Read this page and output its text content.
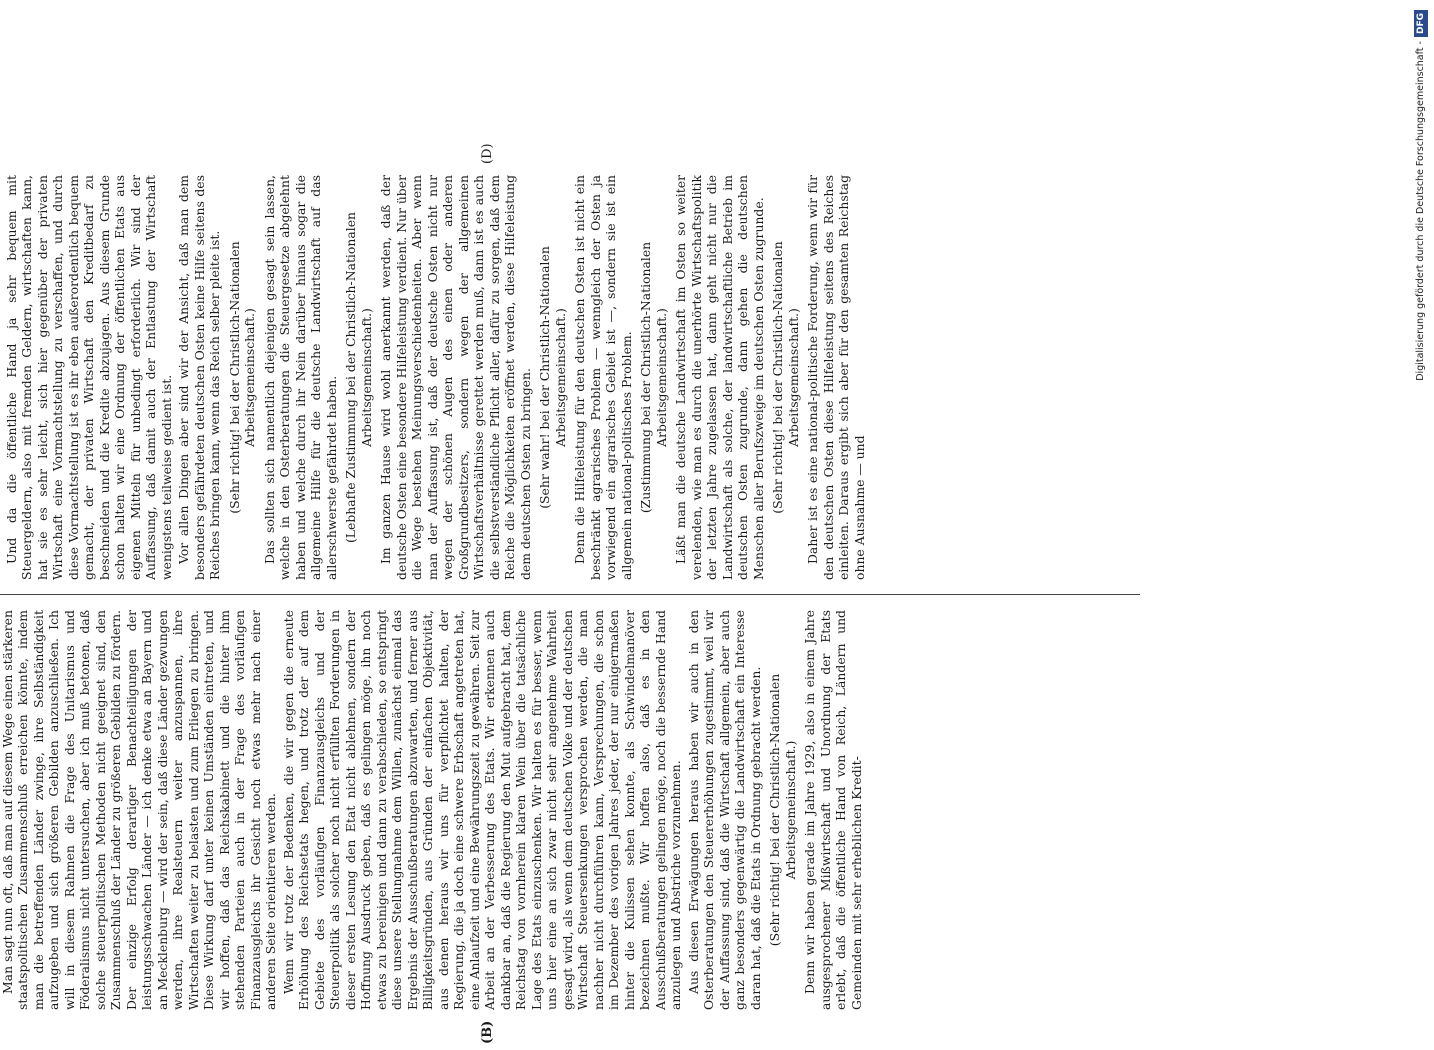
(B)
(D)

Man sagt nun oft, daß man auf diesem Wege einen stärkeren staatspolitischen Zusammenschluß erreichen könnte, indem man die betreffenden Länder zwinge, ihre Selbständigkeit aufzugeben und sich größeren Gebilden anzuschließen. Ich will in diesem Rahmen die Frage des Unitarismus und Föderalismus nicht untersuchen, aber ich muß betonen, daß solche steuerpolitischen Methoden nicht geeignet sind, den Zusammenschluß der Länder zu größeren Gebilden zu fördern. Der einzige Erfolg derartiger Benachteiligungen der leistungsschwachen Länder — ich denke etwa an Bayern und an Mecklenburg — wird der sein, daß diese Länder gezwungen werden, ihre Realsteuern weiter anzuspannen, ihre Wirtschaften weiter zu belasten und zum Erliegen zu bringen. Diese Wirkung darf unter keinen Umständen eintreten, und wir hoffen, daß das Reichskabinett und die hinter ihm stehenden Parteien auch in der Frage des vorläufigen Finanzausgleichs ihr Gesicht noch etwas mehr nach einer anderen Seite orientieren werden. Wenn wir trotz der Bedenken, die wir gegen die erneute Erhöhung des Reichsetats hegen, und trotz der auf dem Gebiete des vorläufigen Finanzausgleichs und der Steuerpolitik als solcher noch nicht erfüllten Forderungen in dieser ersten Lesung den Etat nicht ablehnen, sondern der Hoffnung Ausdruck geben, daß es gelingen möge, ihn noch etwas zu bereinigen und dann zu verabschieden, so entspringt diese unsere Stellungnahme dem Willen, zunächst einmal das Ergebnis der Ausschußberatungen abzuwarten, und ferner aus Billigkeitsgründen, aus Gründen der einfachen Objektivität, aus denen heraus wir uns für verpflichtet halten, der Regierung, die ja doch eine schwere Erbschaft angetreten hat, eine Anlaufzeit und eine Bewährungszeit zu gewähren. Seit zur Arbeit an der Verbesserung des Etats. Wir erkennen auch dankbar an, daß die Regierung den Mut aufgebracht hat, dem Reichstag von vornherein klaren Wein über die tatsächliche Lage des Etats einzuschenken. Wir halten es für besser, wenn uns hier eine an sich zwar nicht sehr angenehme Wahrheit gesagt wird, als wenn dem deutschen Volke und der deutschen Wirtschaft Steuersenkungen versprochen werden, die man nachher nicht durchführen kann, Versprechungen, die schon im Dezember des vorigen Jahres jeder, der nur einigermaßen hinter die Kulissen sehen konnte, als Schwindelmanöver bezeichnen mußte. Wir hoffen also, daß es in den Ausschußberatungen gelingen möge, noch die bessernde Hand anzulegen und Abstriche vorzunehmen. Aus diesen Erwägungen heraus haben wir auch in den Osterberatungen den Steuererhöhungen zugestimmt, weil wir der Auffassung sind, daß die Wirtschaft allgemein, aber auch ganz besonders gegenwärtig die Landwirtschaft ein Interesse daran hat, daß die Etats in Ordnung gebracht werden. (Sehr richtig! bei der Christlich-Nationalen Arbeitsgemeinschaft.) Denn wir haben gerade im Jahre 1929, also in einem Jahre ausgesprochener Mißwirtschaft und Unordnung der Etats erlebt, daß die öffentliche Hand von Reich, Ländern und Gemeinden mit sehr erheblichen Kredit-

Und da die öffentliche Hand ja sehr bequem mit Steuergeldern, also mit fremden Geldern, wirtschaften kann, hat sie es sehr leicht, sich hier gegenüber der privaten Wirtschaft eine Vormachtstellung zu verschaffen, und durch diese Vormachtstellung ist es ihr eben außerordentlich bequem gemacht, der privaten Wirtschaft den Kreditbedarf zu beschneiden und die Kredite abzujagen. Aus diesem Grunde schon halten wir eine Ordnung der öffentlichen Etats aus eigenen Mitteln für unbedingt erforderlich. Wir sind der Auffassung, daß damit auch der Entlastung der Wirtschaft wenigstens teilweise gedient ist. Vor allen Dingen aber sind wir der Ansicht, daß man dem besonders gefährdeten deutschen Osten keine Hilfe seitens des Reiches bringen kann, wenn das Reich selber pleite ist. (Sehr richtig! bei der Christlich-Nationalen Arbeitsgemeinschaft.) Das sollten sich namentlich diejenigen gesagt sein lassen, welche in den Osterberatungen die Steuergesetze abgelehnt haben und welche durch ihr Nein darüber hinaus sogar die allgemeine Hilfe für die deutsche Landwirtschaft auf das allerschwerste gefährdet haben. (Lebhafte Zustimmung bei der Christlich-Nationalen Arbeitsgemeinschaft.) Im ganzen Hause wird wohl anerkannt werden, daß der deutsche Osten eine besondere Hilfeleistung verdient. Nur über die Wege bestehen Meinungsverschiedenheiten. Aber wenn man der Auffassung ist, daß der deutsche Osten nicht nur wegen der schönen Augen des einen oder anderen Großgrundbesitzers, sondern wegen der allgemeinen Wirtschaftsverhältnisse gerettet werden muß, dann ist es auch die selbstverständliche Pflicht aller, dafür zu sorgen, daß dem Reiche die Möglichkeiten eröffnet werden, diese Hilfeleistung dem deutschen Osten zu bringen. (Sehr wahr! bei der Christlich-Nationalen Arbeitsgemeinschaft.) Denn die Hilfeleistung für den deutschen Osten ist nicht ein beschränkt agrarisches Problem — wenngleich der Osten ja vorwiegend ein agrarisches Gebiet ist —, sondern sie ist ein allgemein national-politisches Problem. (Zustimmung bei der Christlich-Nationalen Arbeitsgemeinschaft.) Läßt man die deutsche Landwirtschaft im Osten so weiter verelenden, wie man es durch die unerhörte Wirtschaftspolitik der letzten Jahre zugelassen hat, dann geht nicht nur die Landwirtschaft als solche, der landwirtschaftliche Betrieb im deutschen Osten zugrunde, dann gehen die deutschen Menschen aller Berufszweige im deutschen Osten zugrunde. (Sehr richtig! bei der Christlich-Nationalen Arbeitsgemeinschaft.) Daher ist es eine national-politische Forderung, wenn wir für den deutschen Osten diese Hilfeleistung seitens des Reiches einleiten. Daraus ergibt sich aber für den gesamten Reichstag ohne Ausnahme — und

Digitalisierung gefördert durch die Deutsche Forschungsgemeinschaft -DFG
